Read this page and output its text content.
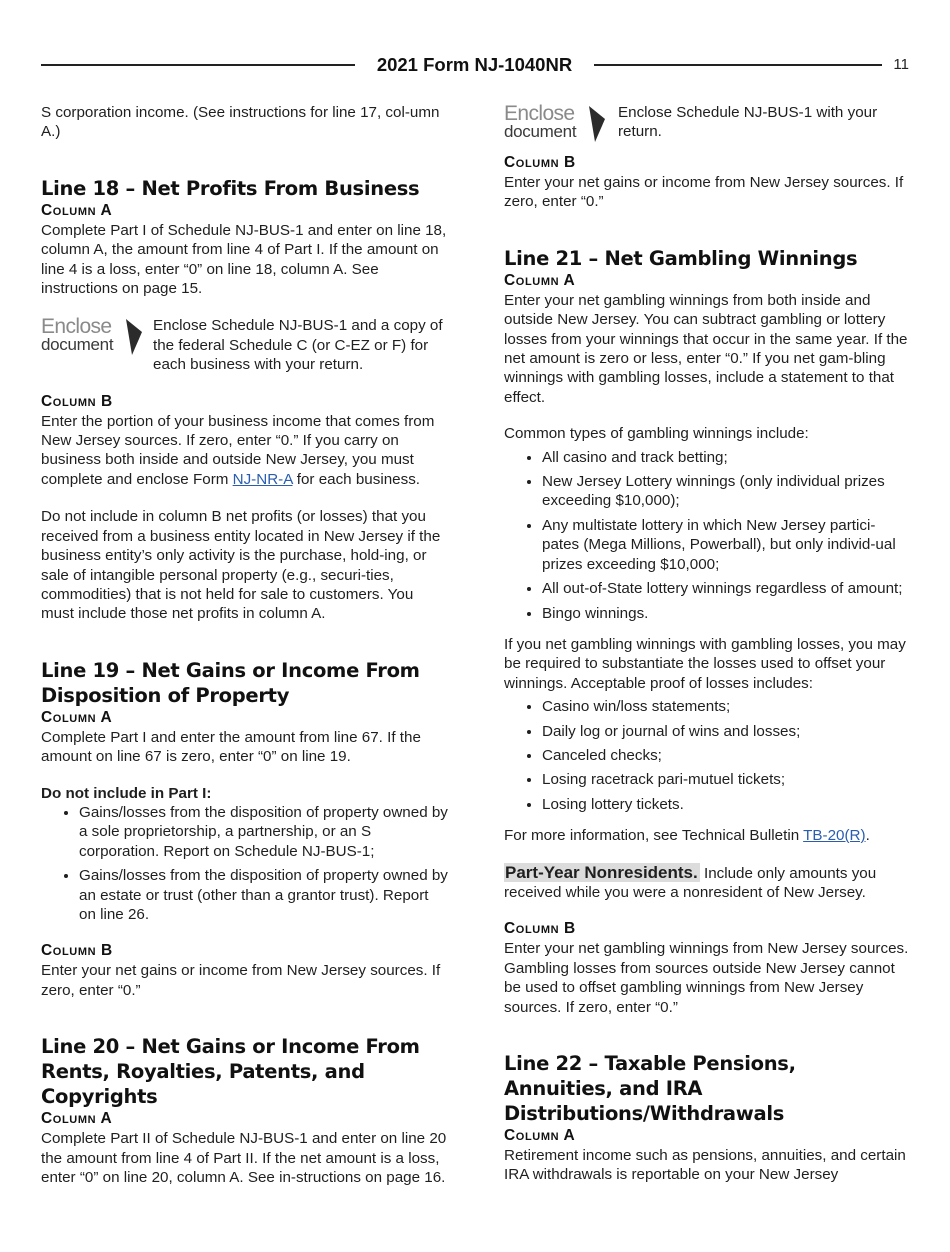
2021 Form NJ-1040NR	11

S corporation income. (See instructions for line 17, col-umn A.)

Line 18 – Net Profits From Business
Column A

Complete Part I of Schedule NJ-BUS-1 and enter on line 18, column A, the amount from line 4 of Part I. If the amount on line 4 is a loss, enter “0” on line 18, column A. See instructions on page 15.

Enclose
document
Enclose Schedule NJ-BUS-1 and a copy of the federal Schedule C (or C-EZ or F) for each business with your return.
Column B

Enter the portion of your business income that comes from New Jersey sources. If zero, enter “0.” If you carry on business both inside and outside New Jersey, you must complete and enclose Form NJ-NR-A for each business.

Do not include in column B net profits (or losses) that you received from a business entity located in New Jersey if the business entity’s only activity is the purchase, hold-ing, or sale of intangible personal property (e.g., securi-ties, commodities) that is not held for sale to customers. You must include those net profits in column A.

Line 19 – Net Gains or Income From Disposition of Property
Column A

Complete Part I and enter the amount from line 67. If the amount on line 67 is zero, enter “0” on line 19.

Do not include in Part I:

• Gains/losses from the disposition of property owned by a sole proprietorship, a partnership, or an S corporation. Report on Schedule NJ-BUS-1;
• Gains/losses from the disposition of property owned by an estate or trust (other than a grantor trust). Report on line 26.
Column B

Enter your net gains or income from New Jersey sources. If zero, enter “0.”

Line 20 – Net Gains or Income From Rents, Royalties, Patents, and Copyrights
Column A

Complete Part II of Schedule NJ-BUS-1 and enter on line 20 the amount from line 4 of Part II. If the net amount is a loss, enter “0” on line 20, column A. See in-structions on page 16.

Enclose
document
Enclose Schedule NJ-BUS-1 with your return.
Column B

Enter your net gains or income from New Jersey sources. If zero, enter “0.”

Line 21 – Net Gambling Winnings
Column A

Enter your net gambling winnings from both inside and outside New Jersey. You can subtract gambling or lottery losses from your winnings that occur in the same year. If the net amount is zero or less, enter “0.” If you net gam-bling winnings with gambling losses, include a statement to that effect.

Common types of gambling winnings include:

• All casino and track betting;
• New Jersey Lottery winnings (only individual prizes exceeding $10,000);
• Any multistate lottery in which New Jersey partici-pates (Mega Millions, Powerball), but only individ-ual prizes exceeding $10,000;
• All out-of-State lottery winnings regardless of amount;
• Bingo winnings.

If you net gambling winnings with gambling losses, you may be required to substantiate the losses used to offset your winnings. Acceptable proof of losses includes:

• Casino win/loss statements;
• Daily log or journal of wins and losses;
• Canceled checks;
• Losing racetrack pari-mutuel tickets;
• Losing lottery tickets.

For more information, see Technical Bulletin TB-20(R).

Part-Year Nonresidents. Include only amounts you received while you were a nonresident of New Jersey.

Column B

Enter your net gambling winnings from New Jersey sources. Gambling losses from sources outside New Jersey cannot be used to offset gambling winnings from New Jersey sources. If zero, enter “0.”

Line 22 – Taxable Pensions, Annuities, and IRA Distributions/Withdrawals
Column A

Retirement income such as pensions, annuities, and certain IRA withdrawals is reportable on your New Jersey
